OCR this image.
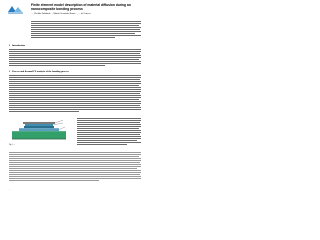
Finite element model description of material diffusion during an
nanocomposite bonding process
…, Plzeňka Dalahuett…, Martin Alexander Kraus…, … (et Letterer
1 Introduction
2 Process and thermal FE analysis of the bonding process
Fig. 1. ...
…
